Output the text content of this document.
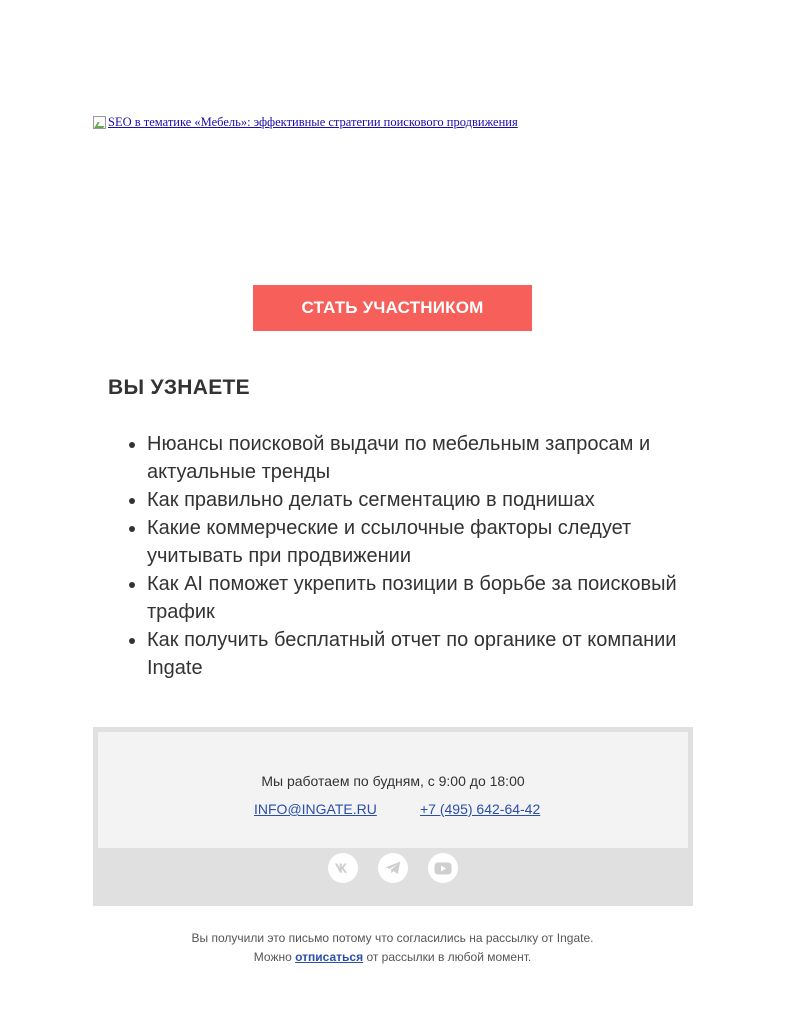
SEO в тематике «Мебель»: эффективные стратегии поискового продвижения
СТАТЬ УЧАСТНИКОМ
ВЫ УЗНАЕТЕ
• Нюансы поисковой выдачи по мебельным запросам и актуальные тренды
• Как правильно делать сегментацию в поднишах
• Какие коммерческие и ссылочные факторы следует учитывать при продвижении
• Как AI поможет укрепить позиции в борьбе за поисковый трафик
• Как получить бесплатный отчет по органике от компании Ingate
Мы работаем по будням, с 9:00 до 18:00
INFO@INGATE.RU	+7 (495) 642-64-42
Вы получили это письмо потому что согласились на рассылку от Ingate.
Можно отписаться от рассылки в любой момент.
